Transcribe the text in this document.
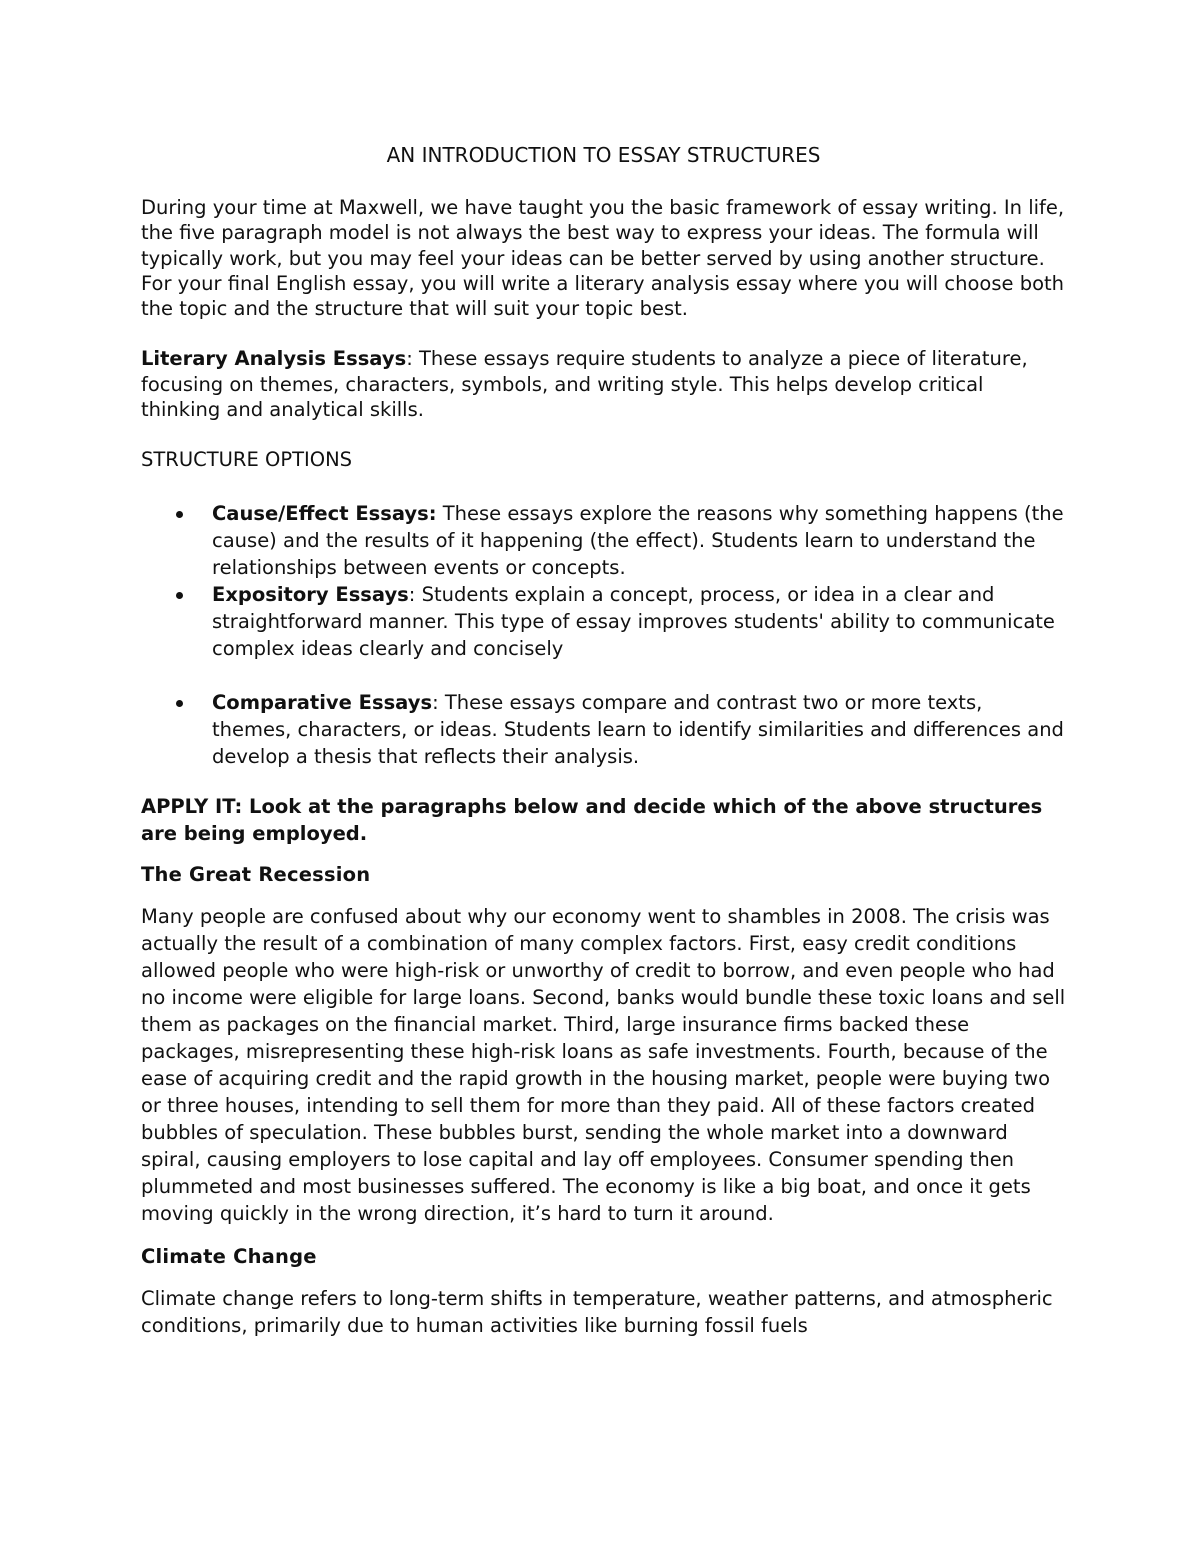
AN INTRODUCTION TO ESSAY STRUCTURES

During your time at Maxwell, we have taught you the basic framework of essay writing. In life, the five paragraph model is not always the best way to express your ideas. The formula will typically work, but you may feel your ideas can be better served by using another structure. For your final English essay, you will write a literary analysis essay where you will choose both the topic and the structure that will suit your topic best.

Literary Analysis Essays: These essays require students to analyze a piece of literature, focusing on themes, characters, symbols, and writing style. This helps develop critical thinking and analytical skills.

STRUCTURE OPTIONS
Cause/Effect Essays: These essays explore the reasons why something happens (the cause) and the results of it happening (the effect). Students learn to understand the relationships between events or concepts.
Expository Essays: Students explain a concept, process, or idea in a clear and straightforward manner. This type of essay improves students' ability to communicate complex ideas clearly and concisely
Comparative Essays: These essays compare and contrast two or more texts, themes, characters, or ideas. Students learn to identify similarities and differences and develop a thesis that reflects their analysis.

APPLY IT: Look at the paragraphs below and decide which of the above structures are being employed.

The Great Recession

Many people are confused about why our economy went to shambles in 2008. The crisis was actually the result of a combination of many complex factors. First, easy credit conditions allowed people who were high-risk or unworthy of credit to borrow, and even people who had no income were eligible for large loans. Second, banks would bundle these toxic loans and sell them as packages on the financial market. Third, large insurance firms backed these packages, misrepresenting these high-risk loans as safe investments. Fourth, because of the ease of acquiring credit and the rapid growth in the housing market, people were buying two or three houses, intending to sell them for more than they paid. All of these factors created bubbles of speculation. These bubbles burst, sending the whole market into a downward spiral, causing employers to lose capital and lay off employees. Consumer spending then plummeted and most businesses suffered. The economy is like a big boat, and once it gets moving quickly in the wrong direction, it’s hard to turn it around.

Climate Change

Climate change refers to long-term shifts in temperature, weather patterns, and atmospheric conditions, primarily due to human activities like burning fossil fuels
